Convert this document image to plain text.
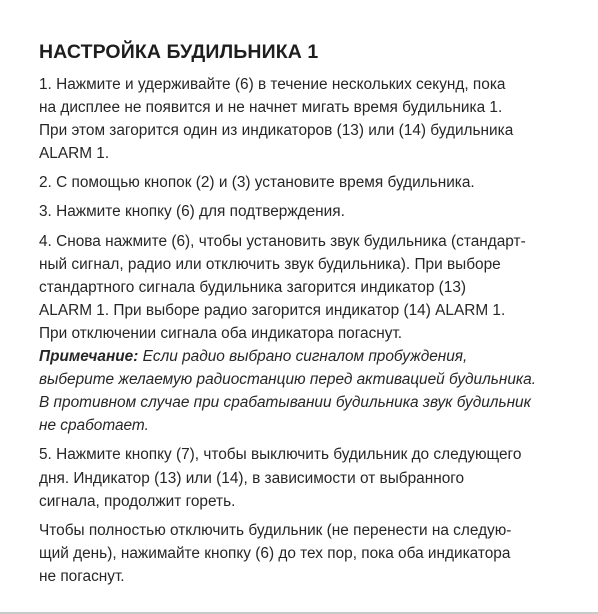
НАСТРОЙКА БУДИЛЬНИКА 1
1. Нажмите и удерживайте (6) в течение нескольких секунд, пока
на дисплее не появится и не начнет мигать время будильника 1.
При этом загорится один из индикаторов (13) или (14) будильника
ALARM 1.
2. С помощью кнопок (2) и (3) установите время будильника.
3. Нажмите кнопку (6) для подтверждения.
4. Снова нажмите (6), чтобы установить звук будильника (стандарт-
ный сигнал, радио или отключить звук будильника). При выборе
стандартного сигнала будильника загорится индикатор (13)
ALARM 1. При выборе радио загорится индикатор (14) ALARM 1.
При отключении сигнала оба индикатора погаснут.
Примечание: Если радио выбрано сигналом пробуждения,
выберите желаемую радиостанцию перед активацией будильника.
В противном случае при срабатывании будильника звук будильник
не сработает.
5. Нажмите кнопку (7), чтобы выключить будильник до следующего
дня. Индикатор (13) или (14), в зависимости от выбранного
сигнала, продолжит гореть.
Чтобы полностью отключить будильник (не перенести на следую-
щий день), нажимайте кнопку (6) до тех пор, пока оба индикатора
не погаснут.
